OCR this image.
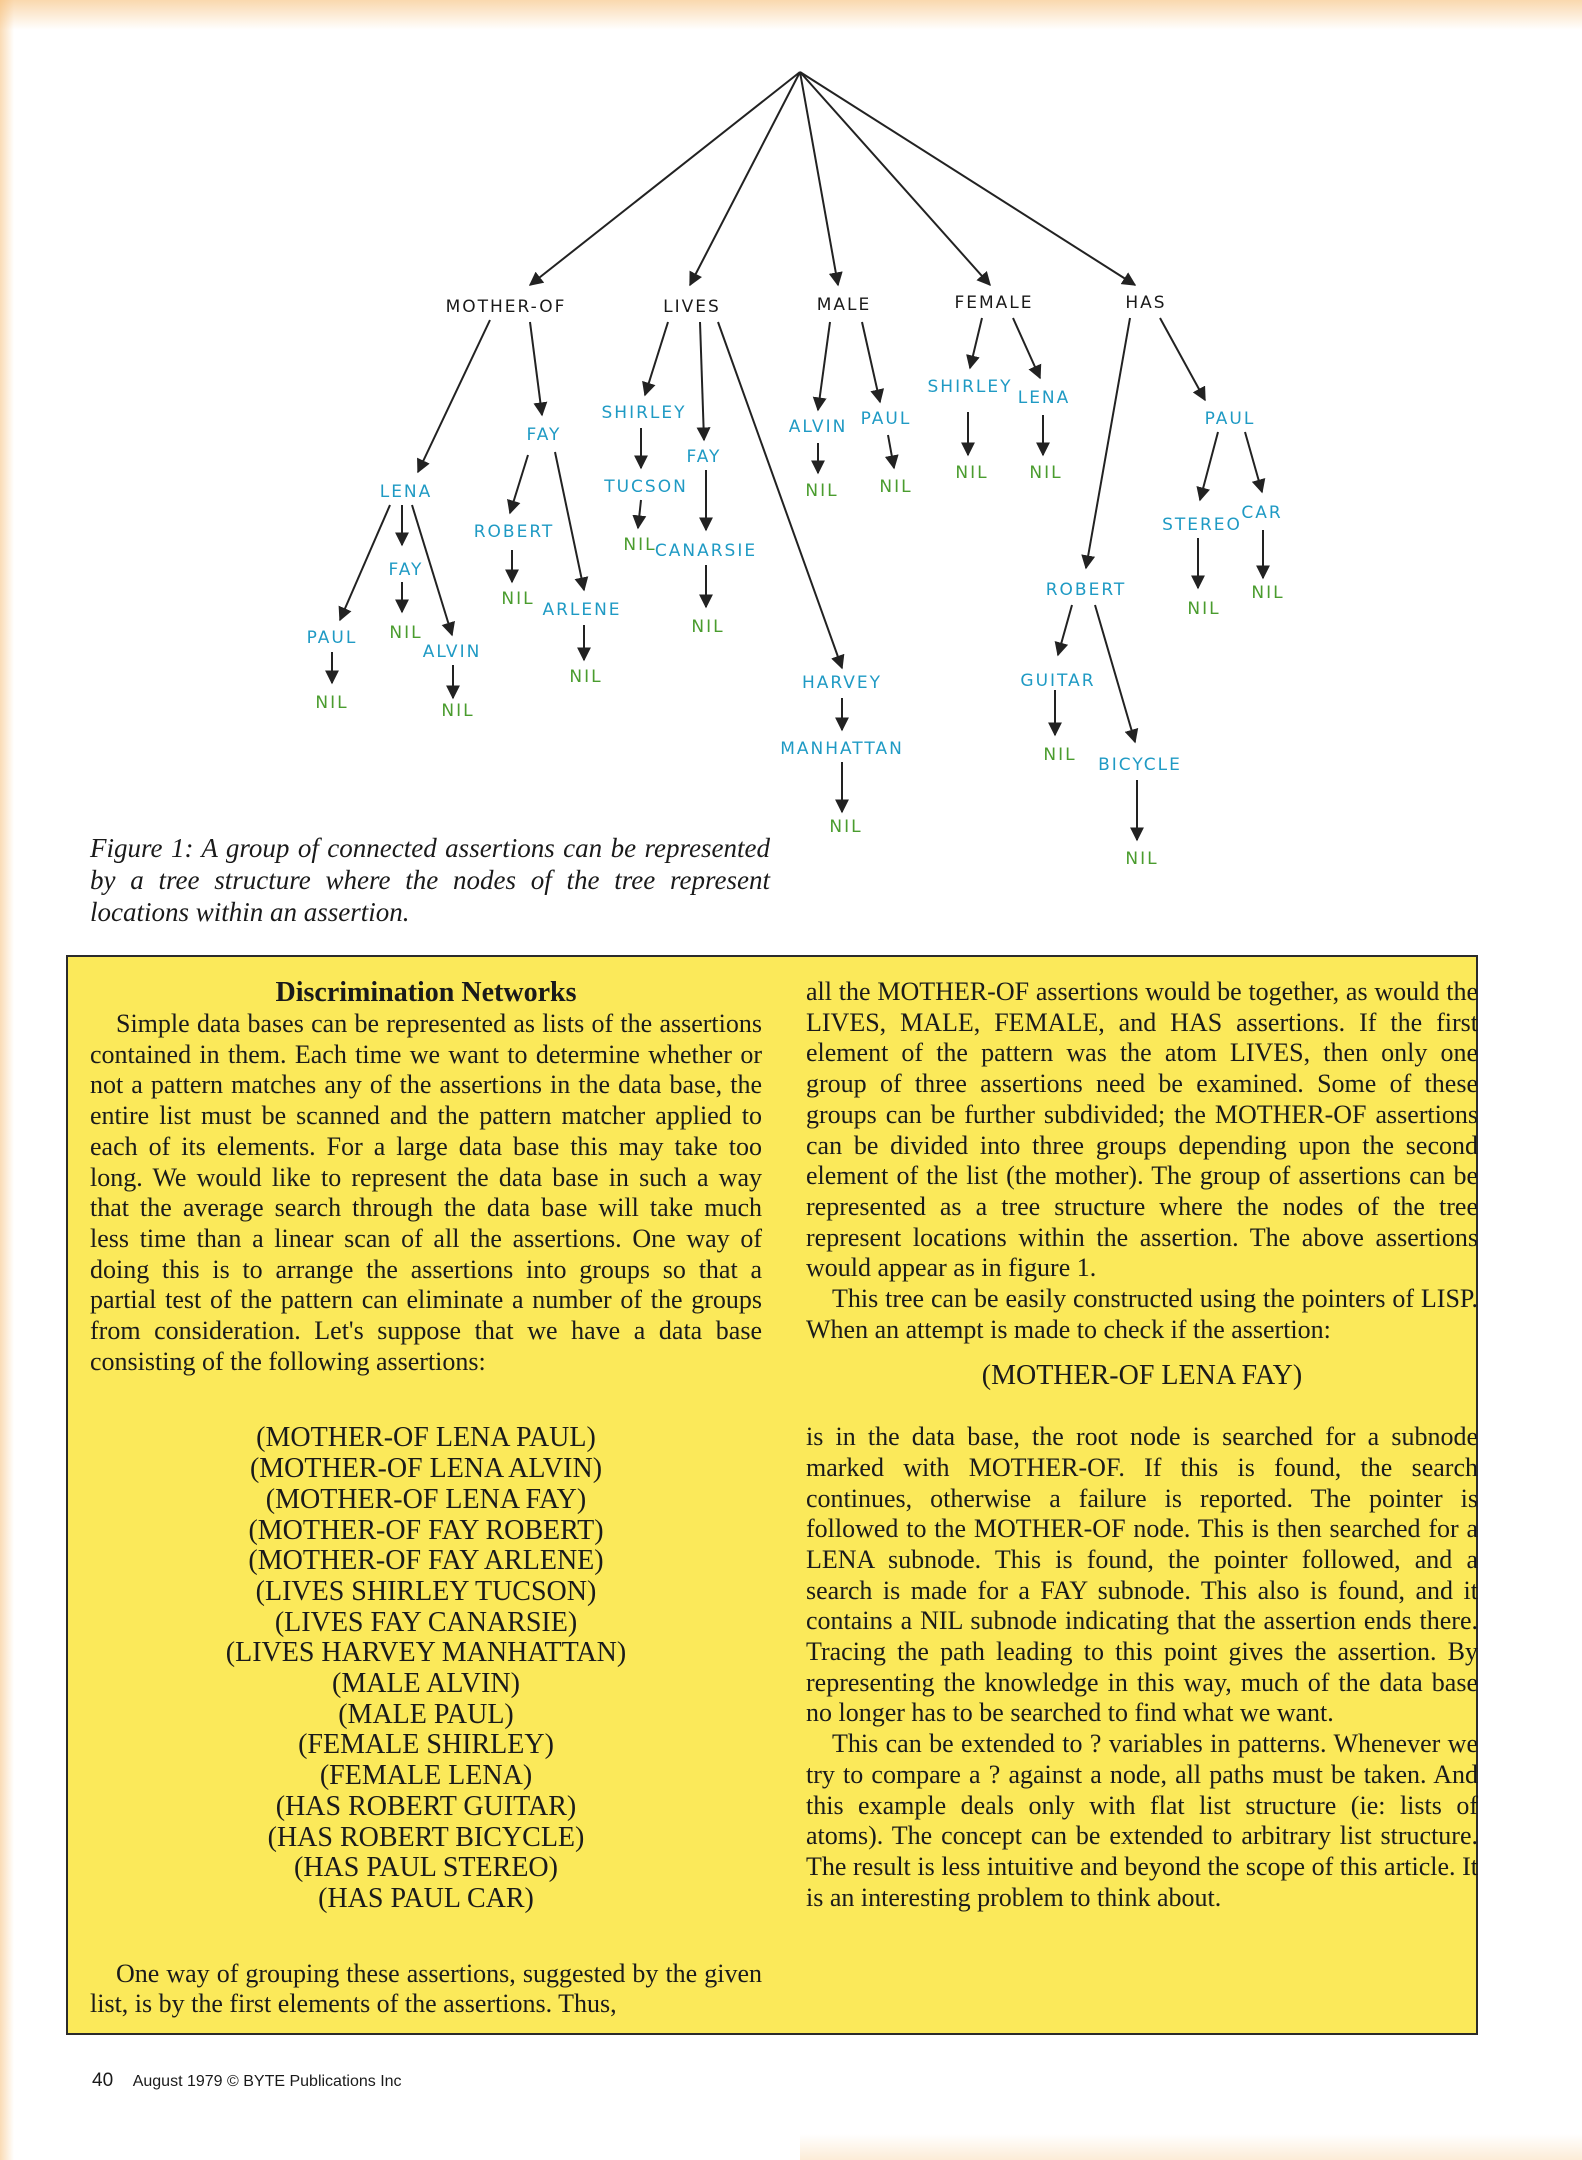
MOTHER-OF	LIVES	MALE	FEMALE	HAS
LENA
FAY
PAUL
FAY
ALVIN
ROBERT
ARLENE
NIL
NIL
NIL
NIL
NIL
SHIRLEY
TUCSON
FAY
CANARSIE
HARVEY
MANHATTAN
NIL
NIL
NIL
ALVIN PAUL
NIL NIL
SHIRLEY
LENA
NIL NIL
ROBERT
GUITAR
BICYCLE
PAUL
STEREO
CAR
NIL
NIL
NIL
NIL
Figure 1: A group of connected assertions can be represented by a tree structure where the nodes of the tree represent locations within an assertion.
Discrimination Networks

Simple data bases can be represented as lists of the assertions contained in them. Each time we want to determine whether or not a pattern matches any of the assertions in the data base, the entire list must be scanned and the pattern matcher applied to each of its elements. For a large data base this may take too long. We would like to represent the data base in such a way that the average search through the data base will take much less time than a linear scan of all the assertions. One way of doing this is to arrange the assertions into groups so that a partial test of the pattern can eliminate a number of the groups from consideration. Let's suppose that we have a data base consisting of the following assertions:

(MOTHER-OF LENA PAUL)
(MOTHER-OF LENA ALVIN)
(MOTHER-OF LENA FAY)
(MOTHER-OF FAY ROBERT)
(MOTHER-OF FAY ARLENE)
(LIVES SHIRLEY TUCSON)
(LIVES FAY CANARSIE)
(LIVES HARVEY MANHATTAN)
(MALE ALVIN)
(MALE PAUL)
(FEMALE SHIRLEY)
(FEMALE LENA)
(HAS ROBERT GUITAR)
(HAS ROBERT BICYCLE)
(HAS PAUL STEREO)
(HAS PAUL CAR)

One way of grouping these assertions, suggested by the given list, is by the first elements of the assertions. Thus,

all the MOTHER-OF assertions would be together, as would the LIVES, MALE, FEMALE, and HAS assertions. If the first element of the pattern was the atom LIVES, then only one group of three assertions need be examined. Some of these groups can be further subdivided; the MOTHER-OF assertions can be divided into three groups depending upon the second element of the list (the mother). The group of assertions can be represented as a tree structure where the nodes of the tree represent locations within the assertion. The above assertions would appear as in figure 1.

This tree can be easily constructed using the pointers of LISP. When an attempt is made to check if the assertion:

(MOTHER-OF LENA FAY)

is in the data base, the root node is searched for a subnode marked with MOTHER-OF. If this is found, the search continues, otherwise a failure is reported. The pointer is followed to the MOTHER-OF node. This is then searched for a LENA subnode. This is found, the pointer followed, and a search is made for a FAY subnode. This also is found, and it contains a NIL subnode indicating that the assertion ends there. Tracing the path leading to this point gives the assertion. By representing the knowledge in this way, much of the data base no longer has to be searched to find what we want.

This can be extended to ? variables in patterns. Whenever we try to compare a ? against a node, all paths must be taken. And this example deals only with flat list structure (ie: lists of atoms). The concept can be extended to arbitrary list structure. The result is less intuitive and beyond the scope of this article. It is an interesting problem to think about.

40 August 1979 © BYTE Publications Inc
